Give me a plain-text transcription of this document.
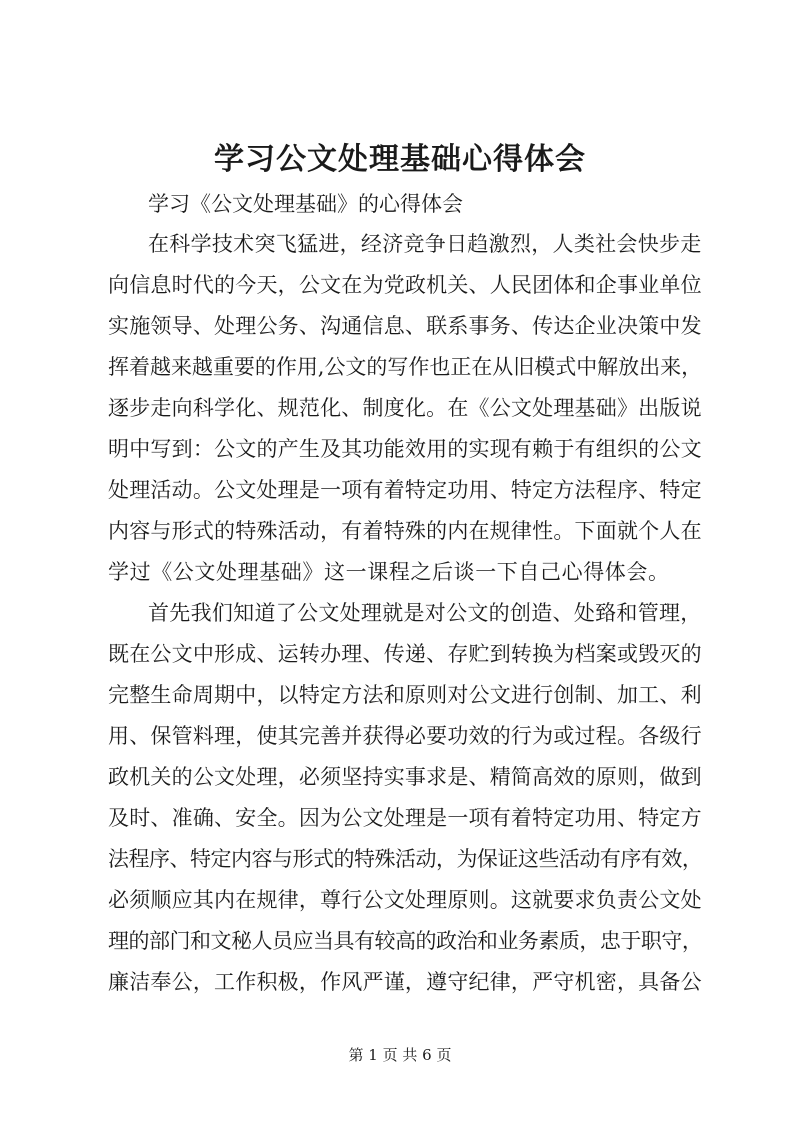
学习公文处理基础心得体会
学习《公文处理基础》的心得体会
在科学技术突飞猛进，经济竞争日趋激烈，人类社会快步走
向信息时代的今天，公文在为党政机关、人民团体和企事业单位
实施领导、处理公务、沟通信息、联系事务、传达企业决策中发
挥着越来越重要的作用,公文的写作也正在从旧模式中解放出来，
逐步走向科学化、规范化、制度化。在《公文处理基础》出版说
明中写到：公文的产生及其功能效用的实现有赖于有组织的公文
处理活动。公文处理是一项有着特定功用、特定方法程序、特定
内容与形式的特殊活动，有着特殊的内在规律性。下面就个人在
学过《公文处理基础》这一课程之后谈一下自己心得体会。
首先我们知道了公文处理就是对公文的创造、处臵和管理，
既在公文中形成、运转办理、传递、存贮到转换为档案或毁灭的
完整生命周期中，以特定方法和原则对公文进行创制、加工、利
用、保管料理，使其完善并获得必要功效的行为或过程。各级行
政机关的公文处理，必须坚持实事求是、精简高效的原则，做到
及时、准确、安全。因为公文处理是一项有着特定功用、特定方
法程序、特定内容与形式的特殊活动，为保证这些活动有序有效，
必须顺应其内在规律，尊行公文处理原则。这就要求负责公文处
理的部门和文秘人员应当具有较高的政治和业务素质，忠于职守，
廉洁奉公，工作积极，作风严谨，遵守纪律，严守机密，具备公
第 1 页 共 6 页
